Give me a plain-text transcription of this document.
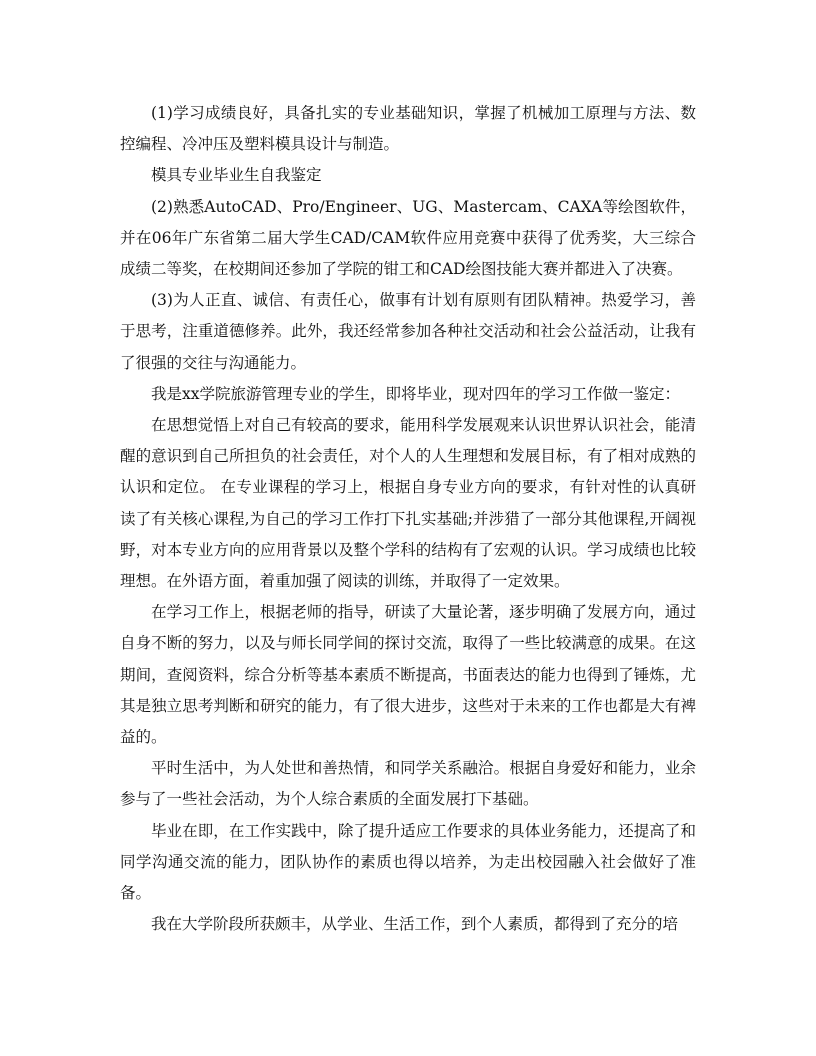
(1)学习成绩良好，具备扎实的专业基础知识，掌握了机械加工原理与方法、数控编程、冷冲压及塑料模具设计与制造。

模具专业毕业生自我鉴定

(2)熟悉AutoCAD、Pro/Engineer、UG、Mastercam、CAXA等绘图软件，并在06年广东省第二届大学生CAD/CAM软件应用竞赛中获得了优秀奖，大三综合成绩二等奖，在校期间还参加了学院的钳工和CAD绘图技能大赛并都进入了决赛。

(3)为人正直、诚信、有责任心，做事有计划有原则有团队精神。热爱学习，善于思考，注重道德修养。此外，我还经常参加各种社交活动和社会公益活动，让我有了很强的交往与沟通能力。

我是xx学院旅游管理专业的学生，即将毕业，现对四年的学习工作做一鉴定：

在思想觉悟上对自己有较高的要求，能用科学发展观来认识世界认识社会，能清醒的意识到自己所担负的社会责任，对个人的人生理想和发展目标，有了相对成熟的认识和定位。 在专业课程的学习上，根据自身专业方向的要求，有针对性的认真研读了有关核心课程,为自己的学习工作打下扎实基础;并涉猎了一部分其他课程,开阔视野，对本专业方向的应用背景以及整个学科的结构有了宏观的认识。学习成绩也比较理想。在外语方面，着重加强了阅读的训练，并取得了一定效果。

在学习工作上，根据老师的指导，研读了大量论著，逐步明确了发展方向，通过自身不断的努力，以及与师长同学间的探讨交流，取得了一些比较满意的成果。在这期间，查阅资料，综合分析等基本素质不断提高，书面表达的能力也得到了锤炼，尤其是独立思考判断和研究的能力，有了很大进步，这些对于未来的工作也都是大有裨益的。

平时生活中，为人处世和善热情，和同学关系融洽。根据自身爱好和能力，业余参与了一些社会活动，为个人综合素质的全面发展打下基础。

毕业在即，在工作实践中，除了提升适应工作要求的具体业务能力，还提高了和同学沟通交流的能力，团队协作的素质也得以培养，为走出校园融入社会做好了准备。

我在大学阶段所获颇丰，从学业、生活工作，到个人素质，都得到了充分的培
